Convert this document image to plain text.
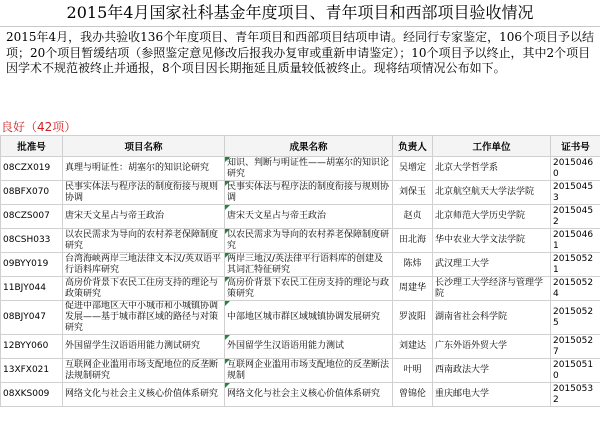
2015年4月国家社科基金年度项目、青年项目和西部项目验收情况
2015年4月，我办共验收136个年度项目、青年项目和西部项目结项申请。经同行专家鉴定，106个项目予以结项；20个项目暂缓结项（参照鉴定意见修改后报我办复审或重新申请鉴定）；10个项目予以终止，其中2个项目因学术不规范被终止并通报，8个项目因长期拖延且质量较低被终止。现将结项情况公布如下。
良好（42项）
批准号	项目名称	成果名称	负责人	工作单位	证书号
08CZX019	真理与明证性：胡塞尔的知识论研究	知识、判断与明证性——胡塞尔的知识论研究	吴增定	北京大学哲学系	20150460
08BFX070	民事实体法与程序法的制度衔接与规则协调	民事实体法与程序法的制度衔接与规则协调	刘保玉	北京航空航天大学法学院	20150453
08CZS007	唐宋天文星占与帝王政治	唐宋天文星占与帝王政治	赵贞	北京师范大学历史学院	20150452
08CSH033	以农民需求为导向的农村养老保障制度研究	以农民需求为导向的农村养老保障制度研究	田北海	华中农业大学文法学院	20150461
09BYY019	台湾海峡两岸三地法律文本汉/英双语平行语料库研究	两岸三地汉/英法律平行语料库的创建及其词汇特征研究	陈炜	武汉理工大学	20150521
11BJY044	高房价背景下农民工住房支持的理论与政策研究	高房价背景下农民工住房支持的理论与政策研究	周建华	长沙理工大学经济与管理学院	20150524
08BJY047	促进中部地区大中小城市和小城镇协调发展——基于城市群区域的路径与对策研究	中部地区城市群区域城镇协调发展研究	罗波阳	湖南省社会科学院	20150525
12BYY060	外国留学生汉语语用能力测试研究	外国留学生汉语语用能力测试	刘建达	广东外语外贸大学	20150527
13XFX021	互联网企业滥用市场支配地位的反垄断法规制研究	互联网企业滥用市场支配地位的反垄断法规制	叶明	西南政法大学	20150510
08XKS009	网络文化与社会主义核心价值体系研究	网络文化与社会主义核心价值体系研究	曾锦伦	重庆邮电大学	20150532
